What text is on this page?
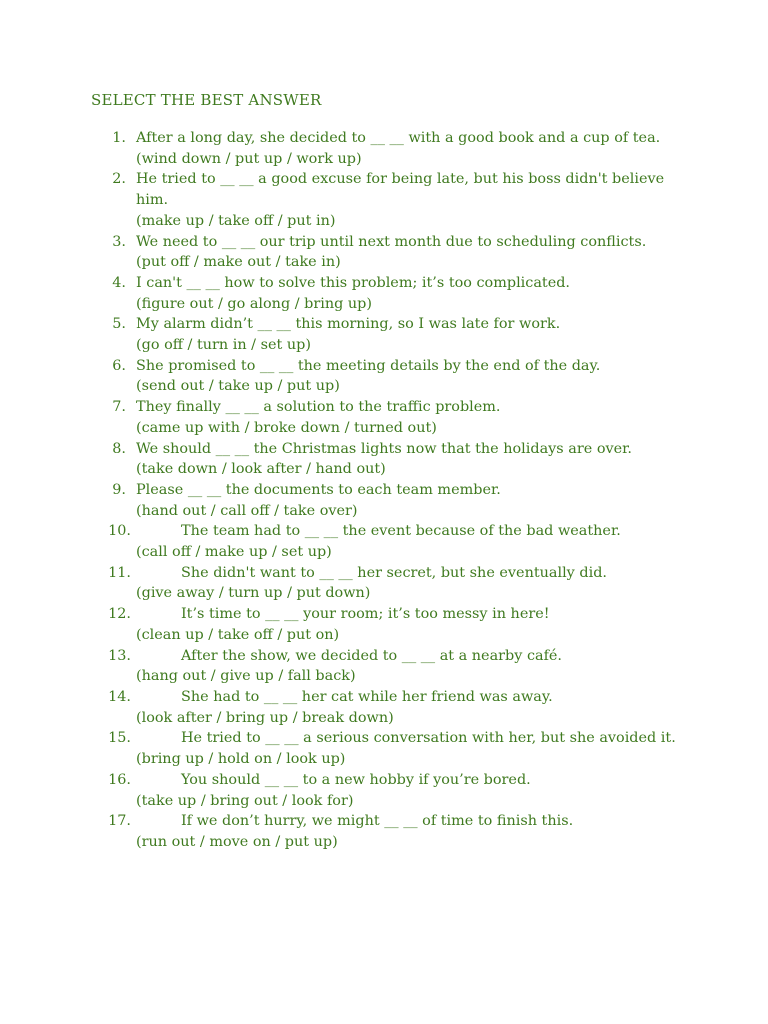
SELECT THE BEST ANSWER
1. After a long day, she decided to __ __ with a good book and a cup of tea.
(wind down / put up / work up)
2. He tried to __ __ a good excuse for being late, but his boss didn't believe him.
(make up / take off / put in)
3. We need to __ __ our trip until next month due to scheduling conflicts.
(put off / make out / take in)
4. I can't __ __ how to solve this problem; it’s too complicated.
(figure out / go along / bring up)
5. My alarm didn’t __ __ this morning, so I was late for work.
(go off / turn in / set up)
6. She promised to __ __ the meeting details by the end of the day.
(send out / take up / put up)
7. They finally __ __ a solution to the traffic problem.
(came up with / broke down / turned out)
8. We should __ __ the Christmas lights now that the holidays are over.
(take down / look after / hand out)
9. Please __ __ the documents to each team member.
(hand out / call off / take over)
10.	The team had to __ __ the event because of the bad weather.
(call off / make up / set up)
11.	She didn't want to __ __ her secret, but she eventually did.
(give away / turn up / put down)
12.	It’s time to __ __ your room; it’s too messy in here!
(clean up / take off / put on)
13.	After the show, we decided to __ __ at a nearby café.
(hang out / give up / fall back)
14.	She had to __ __ her cat while her friend was away.
(look after / bring up / break down)
15.	He tried to __ __ a serious conversation with her, but she avoided it.
(bring up / hold on / look up)
16.	You should __ __ to a new hobby if you’re bored.
(take up / bring out / look for)
17.	If we don’t hurry, we might __ __ of time to finish this.
(run out / move on / put up)
